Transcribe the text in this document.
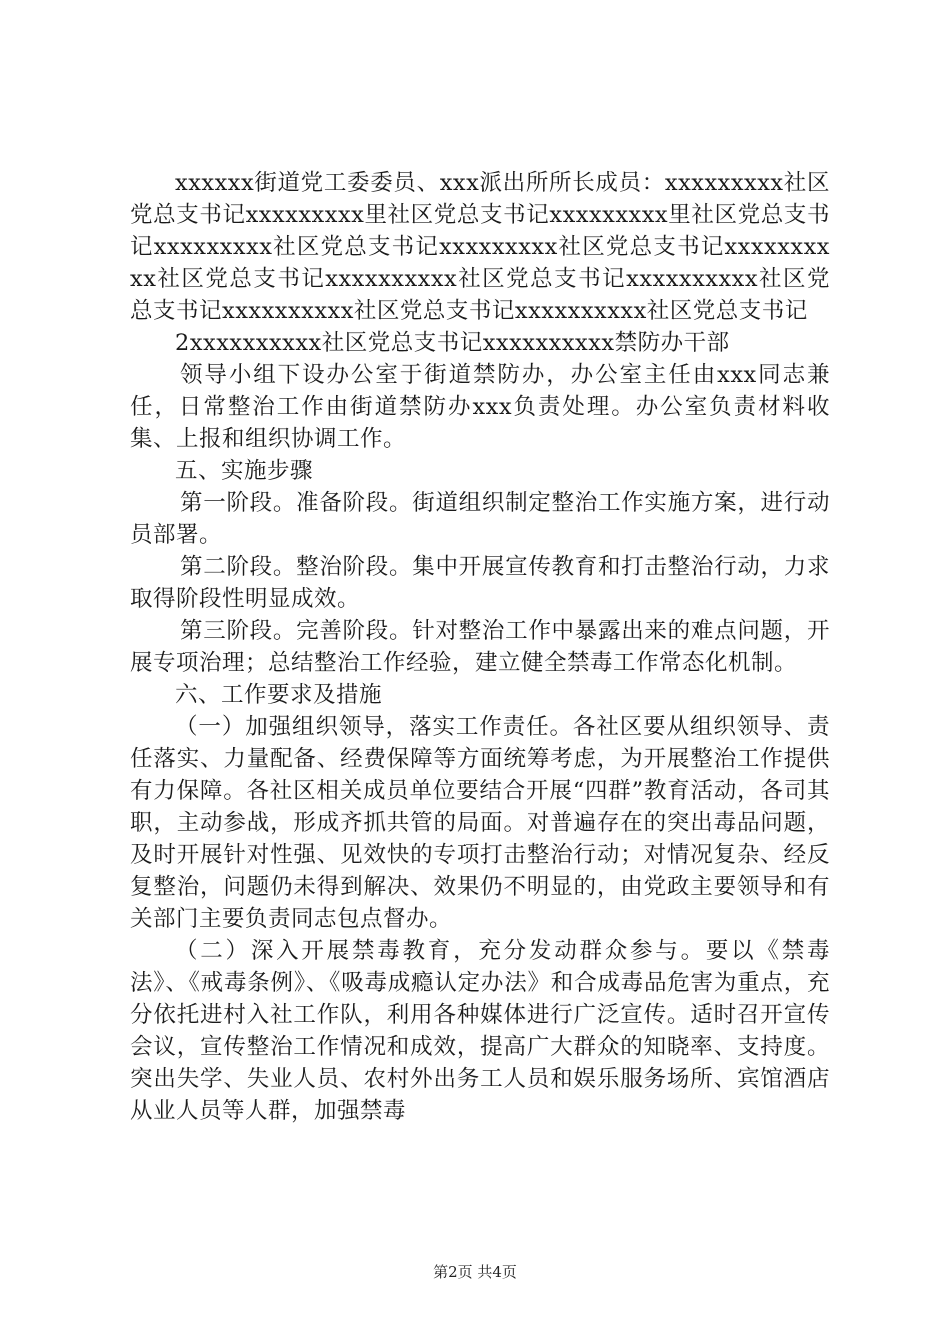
xxxxxx街道党工委委员、xxx派出所所长成员：xxxxxxxxx社区党总支书记xxxxxxxxx里社区党总支书记xxxxxxxxx里社区党总支书记xxxxxxxxx社区党总支书记xxxxxxxxx社区党总支书记xxxxxxxxxx社区党总支书记xxxxxxxxxx社区党总支书记xxxxxxxxxx社区党总支书记xxxxxxxxxx社区党总支书记xxxxxxxxxx社区党总支书记

2xxxxxxxxxx社区党总支书记xxxxxxxxxx禁防办干部

领导小组下设办公室于街道禁防办，办公室主任由xxx同志兼任，日常整治工作由街道禁防办xxx负责处理。办公室负责材料收集、上报和组织协调工作。

五、实施步骤

第一阶段。准备阶段。街道组织制定整治工作实施方案，进行动员部署。

第二阶段。整治阶段。集中开展宣传教育和打击整治行动，力求取得阶段性明显成效。

第三阶段。完善阶段。针对整治工作中暴露出来的难点问题，开展专项治理；总结整治工作经验，建立健全禁毒工作常态化机制。

六、工作要求及措施

（一）加强组织领导，落实工作责任。各社区要从组织领导、责任落实、力量配备、经费保障等方面统筹考虑，为开展整治工作提供有力保障。各社区相关成员单位要结合开展“四群”教育活动，各司其职，主动参战，形成齐抓共管的局面。对普遍存在的突出毒品问题，及时开展针对性强、见效快的专项打击整治行动；对情况复杂、经反复整治，问题仍未得到解决、效果仍不明显的，由党政主要领导和有关部门主要负责同志包点督办。

（二）深入开展禁毒教育，充分发动群众参与。要以《禁毒法》、《戒毒条例》、《吸毒成瘾认定办法》和合成毒品危害为重点，充分依托进村入社工作队，利用各种媒体进行广泛宣传。适时召开宣传会议，宣传整治工作情况和成效，提高广大群众的知晓率、支持度。突出失学、失业人员、农村外出务工人员和娱乐服务场所、宾馆酒店从业人员等人群，加强禁毒

第2页 共4页
